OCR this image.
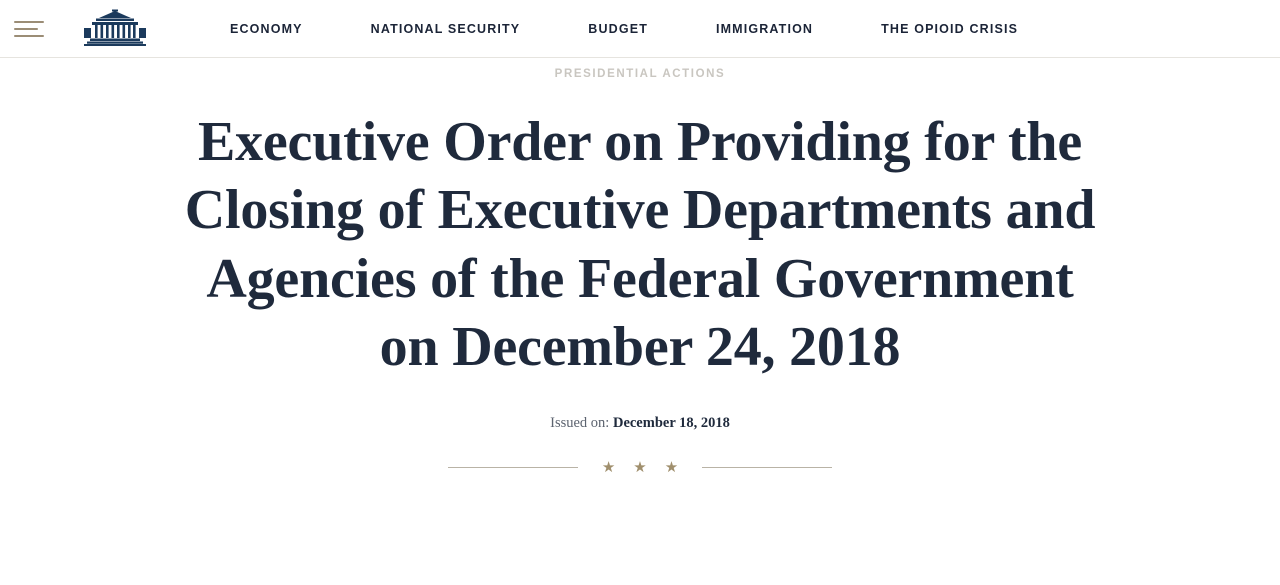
ECONOMY	NATIONAL SECURITY	BUDGET	IMMIGRATION	THE OPIOID CRISIS
PRESIDENTIAL ACTIONS
Executive Order on Providing for the Closing of Executive Departments and Agencies of the Federal Government on December 24, 2018
Issued on: December 18, 2018
★ ★ ★
